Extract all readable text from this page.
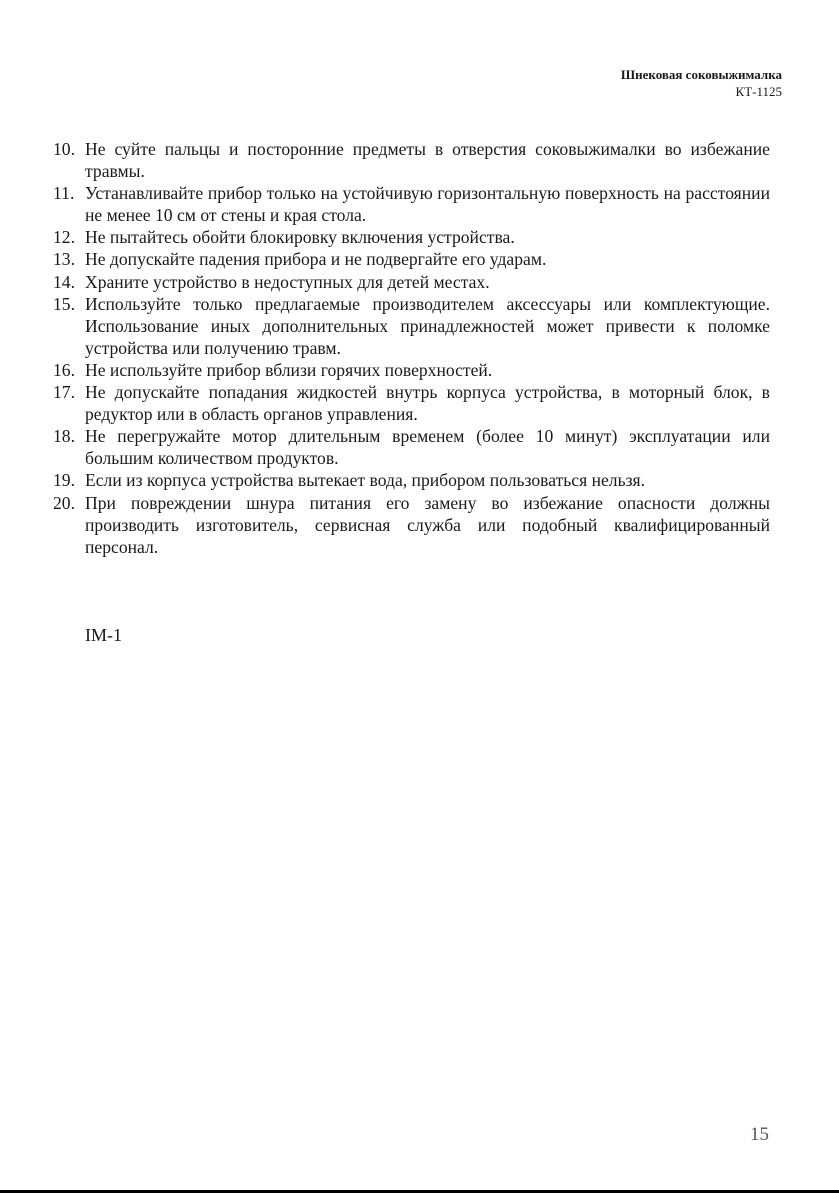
Шнековая соковыжималка
КТ-1125
10. Не суйте пальцы и посторонние предметы в отверстия соковыжималки во избежание травмы.
11. Устанавливайте прибор только на устойчивую горизонтальную поверхность на расстоянии не менее 10 см от стены и края стола.
12. Не пытайтесь обойти блокировку включения устройства.
13. Не допускайте падения прибора и не подвергайте его ударам.
14. Храните устройство в недоступных для детей местах.
15. Используйте только предлагаемые производителем аксессуары или комплектующие. Использование иных дополнительных принадлежностей может привести к поломке устройства или получению травм.
16. Не используйте прибор вблизи горячих поверхностей.
17. Не допускайте попадания жидкостей внутрь корпуса устройства, в моторный блок, в редуктор или в область органов управления.
18. Не перегружайте мотор длительным временем (более 10 минут) эксплуатации или большим количеством продуктов.
19. Если из корпуса устройства вытекает вода, прибором пользоваться нельзя.
20. При повреждении шнура питания его замену во избежание опасности должны производить изготовитель, сервисная служба или подобный квалифицированный персонал.
IM-1
15
